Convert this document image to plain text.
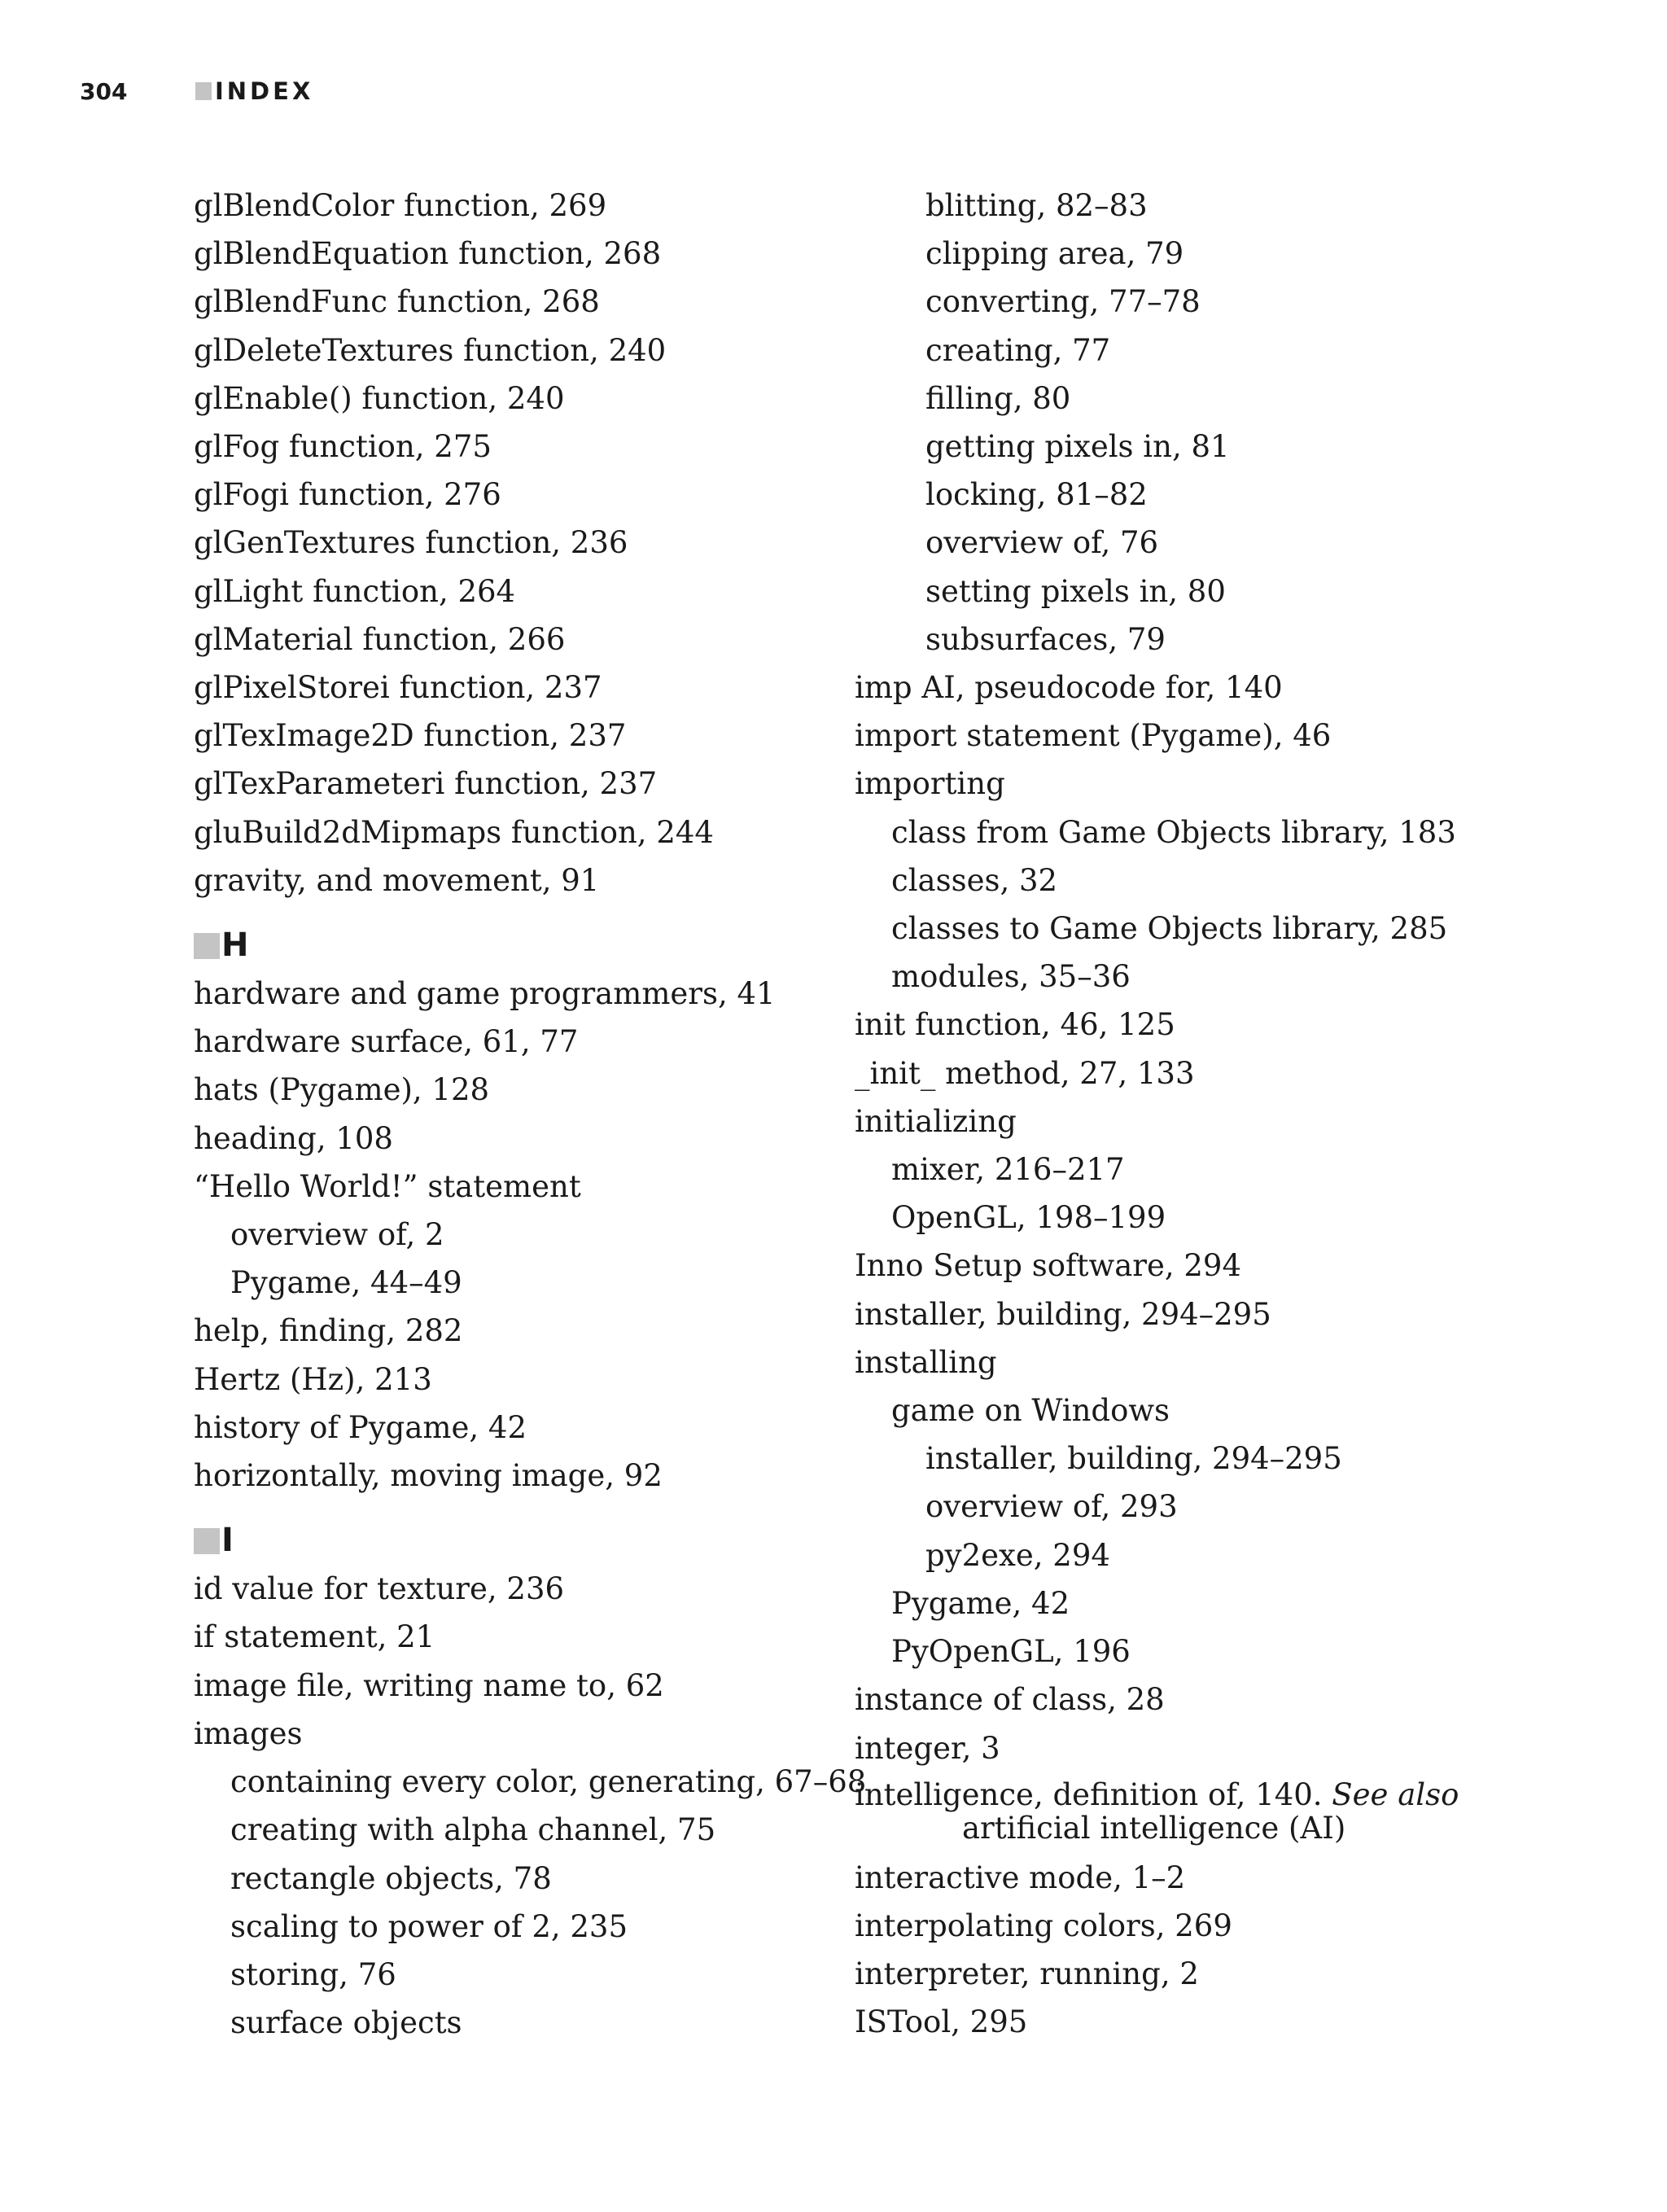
304	INDEX
glBlendColor function, 269
glBlendEquation function, 268
glBlendFunc function, 268
glDeleteTextures function, 240
glEnable() function, 240
glFog function, 275
glFogi function, 276
glGenTextures function, 236
glLight function, 264
glMaterial function, 266
glPixelStorei function, 237
glTexImage2D function, 237
glTexParameteri function, 237
gluBuild2dMipmaps function, 244
gravity, and movement, 91
H
hardware and game programmers, 41
hardware surface, 61, 77
hats (Pygame), 128
heading, 108
“Hello World!” statement
overview of, 2
Pygame, 44–49
help, finding, 282
Hertz (Hz), 213
history of Pygame, 42
horizontally, moving image, 92
I
id value for texture, 236
if statement, 21
image file, writing name to, 62
images
containing every color, generating, 67–68
creating with alpha channel, 75
rectangle objects, 78
scaling to power of 2, 235
storing, 76
surface objects
blitting, 82–83
clipping area, 79
converting, 77–78
creating, 77
filling, 80
getting pixels in, 81
locking, 81–82
overview of, 76
setting pixels in, 80
subsurfaces, 79
imp AI, pseudocode for, 140
import statement (Pygame), 46
importing
class from Game Objects library, 183
classes, 32
classes to Game Objects library, 285
modules, 35–36
init function, 46, 125
_init_ method, 27, 133
initializing
mixer, 216–217
OpenGL, 198–199
Inno Setup software, 294
installer, building, 294–295
installing
game on Windows
installer, building, 294–295
overview of, 293
py2exe, 294
Pygame, 42
PyOpenGL, 196
instance of class, 28
integer, 3
intelligence, definition of, 140. See also
artificial intelligence (AI)
interactive mode, 1–2
interpolating colors, 269
interpreter, running, 2
ISTool, 295
